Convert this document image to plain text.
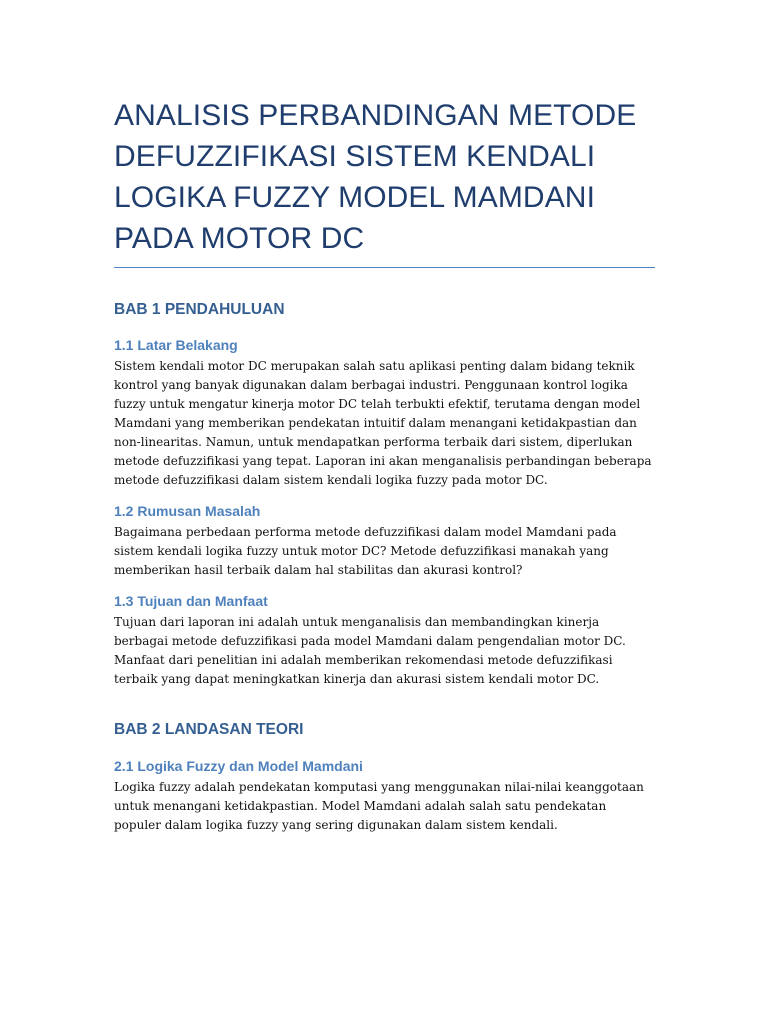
ANALISIS PERBANDINGAN METODE DEFUZZIFIKASI SISTEM KENDALI LOGIKA FUZZY MODEL MAMDANI PADA MOTOR DC
BAB 1 PENDAHULUAN
1.1 Latar Belakang

Sistem kendali motor DC merupakan salah satu aplikasi penting dalam bidang teknik kontrol yang banyak digunakan dalam berbagai industri. Penggunaan kontrol logika fuzzy untuk mengatur kinerja motor DC telah terbukti efektif, terutama dengan model Mamdani yang memberikan pendekatan intuitif dalam menangani ketidakpastian dan non-linearitas. Namun, untuk mendapatkan performa terbaik dari sistem, diperlukan metode defuzzifikasi yang tepat. Laporan ini akan menganalisis perbandingan beberapa metode defuzzifikasi dalam sistem kendali logika fuzzy pada motor DC.

1.2 Rumusan Masalah

Bagaimana perbedaan performa metode defuzzifikasi dalam model Mamdani pada sistem kendali logika fuzzy untuk motor DC? Metode defuzzifikasi manakah yang memberikan hasil terbaik dalam hal stabilitas dan akurasi kontrol?

1.3 Tujuan dan Manfaat

Tujuan dari laporan ini adalah untuk menganalisis dan membandingkan kinerja berbagai metode defuzzifikasi pada model Mamdani dalam pengendalian motor DC. Manfaat dari penelitian ini adalah memberikan rekomendasi metode defuzzifikasi terbaik yang dapat meningkatkan kinerja dan akurasi sistem kendali motor DC.

BAB 2 LANDASAN TEORI
2.1 Logika Fuzzy dan Model Mamdani

Logika fuzzy adalah pendekatan komputasi yang menggunakan nilai-nilai keanggotaan untuk menangani ketidakpastian. Model Mamdani adalah salah satu pendekatan populer dalam logika fuzzy yang sering digunakan dalam sistem kendali.
